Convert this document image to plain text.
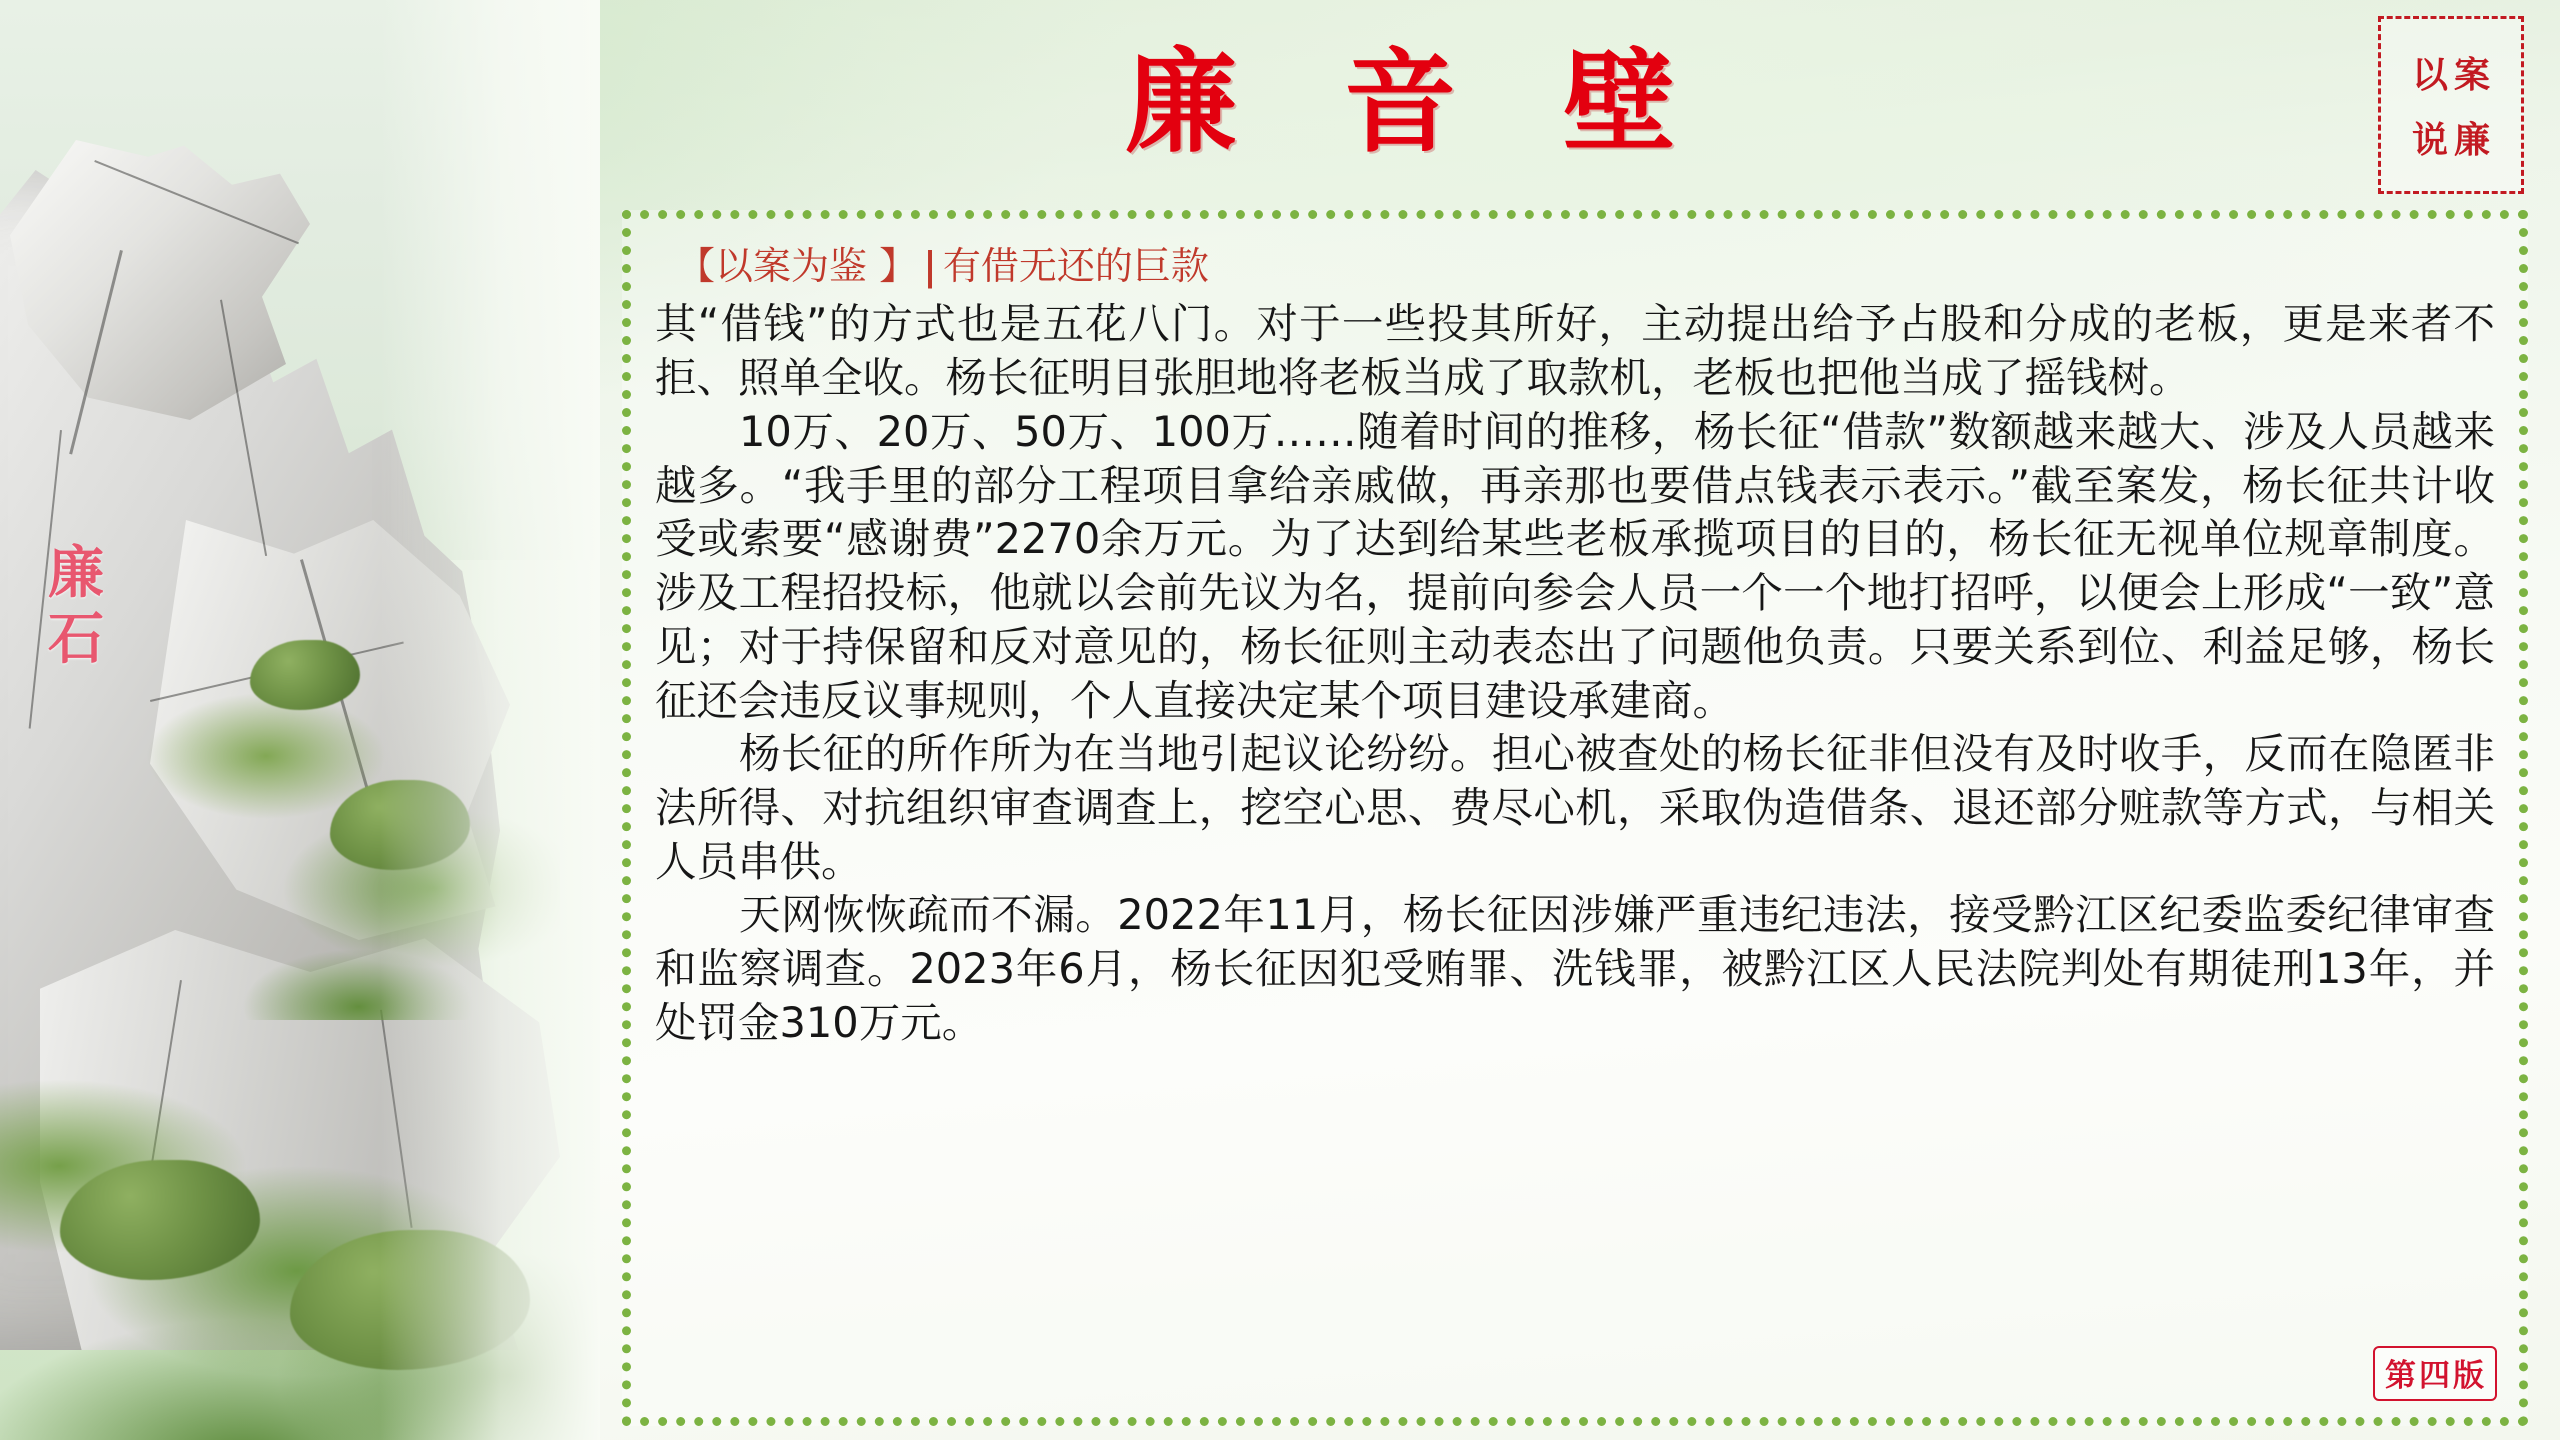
廉石
廉 音 壁	以案
说廉
【以案为鉴 】 | 有借无还的巨款

其“借钱”的方式也是五花八门。对于一些投其所好，主动提出给予占股和分成的老板，更是来者不拒、照单全收。杨长征明目张胆地将老板当成了取款机，老板也把他当成了摇钱树。

10万、20万、50万、100万……随着时间的推移，杨长征“借款”数额越来越大、涉及人员越来越多。“我手里的部分工程项目拿给亲戚做，再亲那也要借点钱表示表示。”截至案发，杨长征共计收受或索要“感谢费”2270余万元。为了达到给某些老板承揽项目的目的，杨长征无视单位规章制度。涉及工程招投标，他就以会前先议为名，提前向参会人员一个一个地打招呼，以便会上形成“一致”意见；对于持保留和反对意见的，杨长征则主动表态出了问题他负责。只要关系到位、利益足够，杨长征还会违反议事规则，个人直接决定某个项目建设承建商。

杨长征的所作所为在当地引起议论纷纷。担心被查处的杨长征非但没有及时收手，反而在隐匿非法所得、对抗组织审查调查上，挖空心思、费尽心机，采取伪造借条、退还部分赃款等方式，与相关人员串供。

天网恢恢疏而不漏。2022年11月，杨长征因涉嫌严重违纪违法，接受黔江区纪委监委纪律审查和监察调查。2023年6月，杨长征因犯受贿罪、洗钱罪，被黔江区人民法院判处有期徒刑13年，并处罚金310万元。

第四版
